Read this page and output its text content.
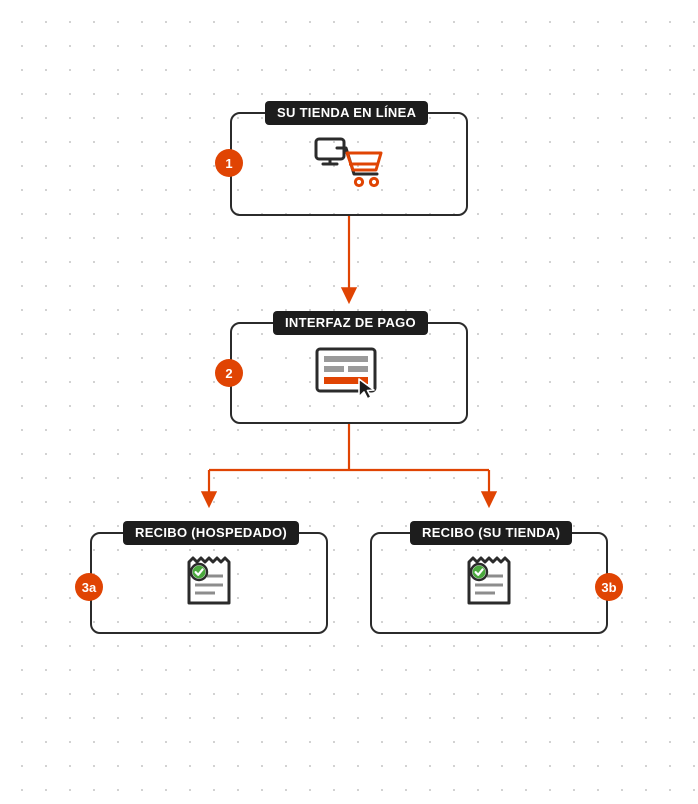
SU TIENDA EN LÍNEA
1
INTERFAZ DE PAGO
2
RECIBO (HOSPEDADO)
3a
RECIBO (SU TIENDA)
3b
